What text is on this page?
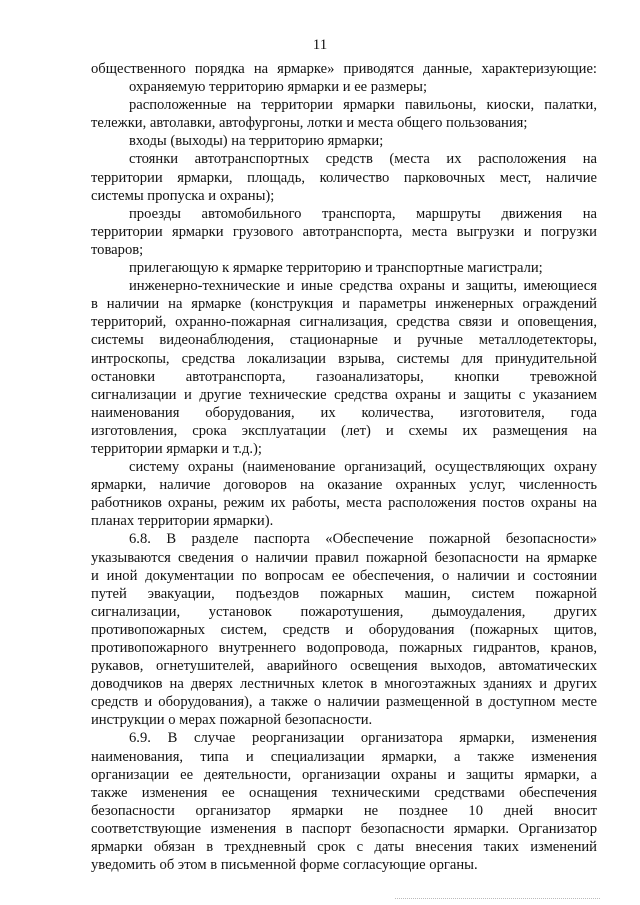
11
общественного порядка на ярмарке» приводятся данные, характеризующие:
охраняемую территорию ярмарки и ее размеры;
расположенные на территории ярмарки павильоны, киоски, палатки,
тележки, автолавки, автофургоны, лотки и места общего пользования;
входы (выходы) на территорию ярмарки;
стоянки автотранспортных средств (места их расположения на
территории ярмарки, площадь, количество парковочных мест, наличие
системы пропуска и охраны);
проезды автомобильного транспорта, маршруты движения на
территории ярмарки грузового автотранспорта, места выгрузки и погрузки
товаров;
прилегающую к ярмарке территорию и транспортные магистрали;
инженерно-технические и иные средства охраны и защиты, имеющиеся
в наличии на ярмарке (конструкция и параметры инженерных ограждений
территорий, охранно-пожарная сигнализация, средства связи и оповещения,
системы видеонаблюдения, стационарные и ручные металлодетекторы,
интроскопы, средства локализации взрыва, системы для принудительной
остановки автотранспорта, газоанализаторы, кнопки тревожной
сигнализации и другие технические средства охраны и защиты с указанием
наименования оборудования, их количества, изготовителя, года
изготовления, срока эксплуатации (лет) и схемы их размещения на
территории ярмарки и т.д.);
систему охраны (наименование организаций, осуществляющих охрану
ярмарки, наличие договоров на оказание охранных услуг, численность
работников охраны, режим их работы, места расположения постов охраны на
планах территории ярмарки).
6.8. В разделе паспорта «Обеспечение пожарной безопасности»
указываются сведения о наличии правил пожарной безопасности на ярмарке
и иной документации по вопросам ее обеспечения, о наличии и состоянии
путей эвакуации, подъездов пожарных машин, систем пожарной
сигнализации, установок пожаротушения, дымоудаления, других
противопожарных систем, средств и оборудования (пожарных щитов,
противопожарного внутреннего водопровода, пожарных гидрантов, кранов,
рукавов, огнетушителей, аварийного освещения выходов, автоматических
доводчиков на дверях лестничных клеток в многоэтажных зданиях и других
средств и оборудования), а также о наличии размещенной в доступном месте
инструкции о мерах пожарной безопасности.
6.9. В случае реорганизации организатора ярмарки, изменения
наименования, типа и специализации ярмарки, а также изменения
организации ее деятельности, организации охраны и защиты ярмарки, а
также изменения ее оснащения техническими средствами обеспечения
безопасности организатор ярмарки не позднее 10 дней вносит
соответствующие изменения в паспорт безопасности ярмарки. Организатор
ярмарки обязан в трехдневный срок с даты внесения таких изменений
уведомить об этом в письменной форме согласующие органы.
